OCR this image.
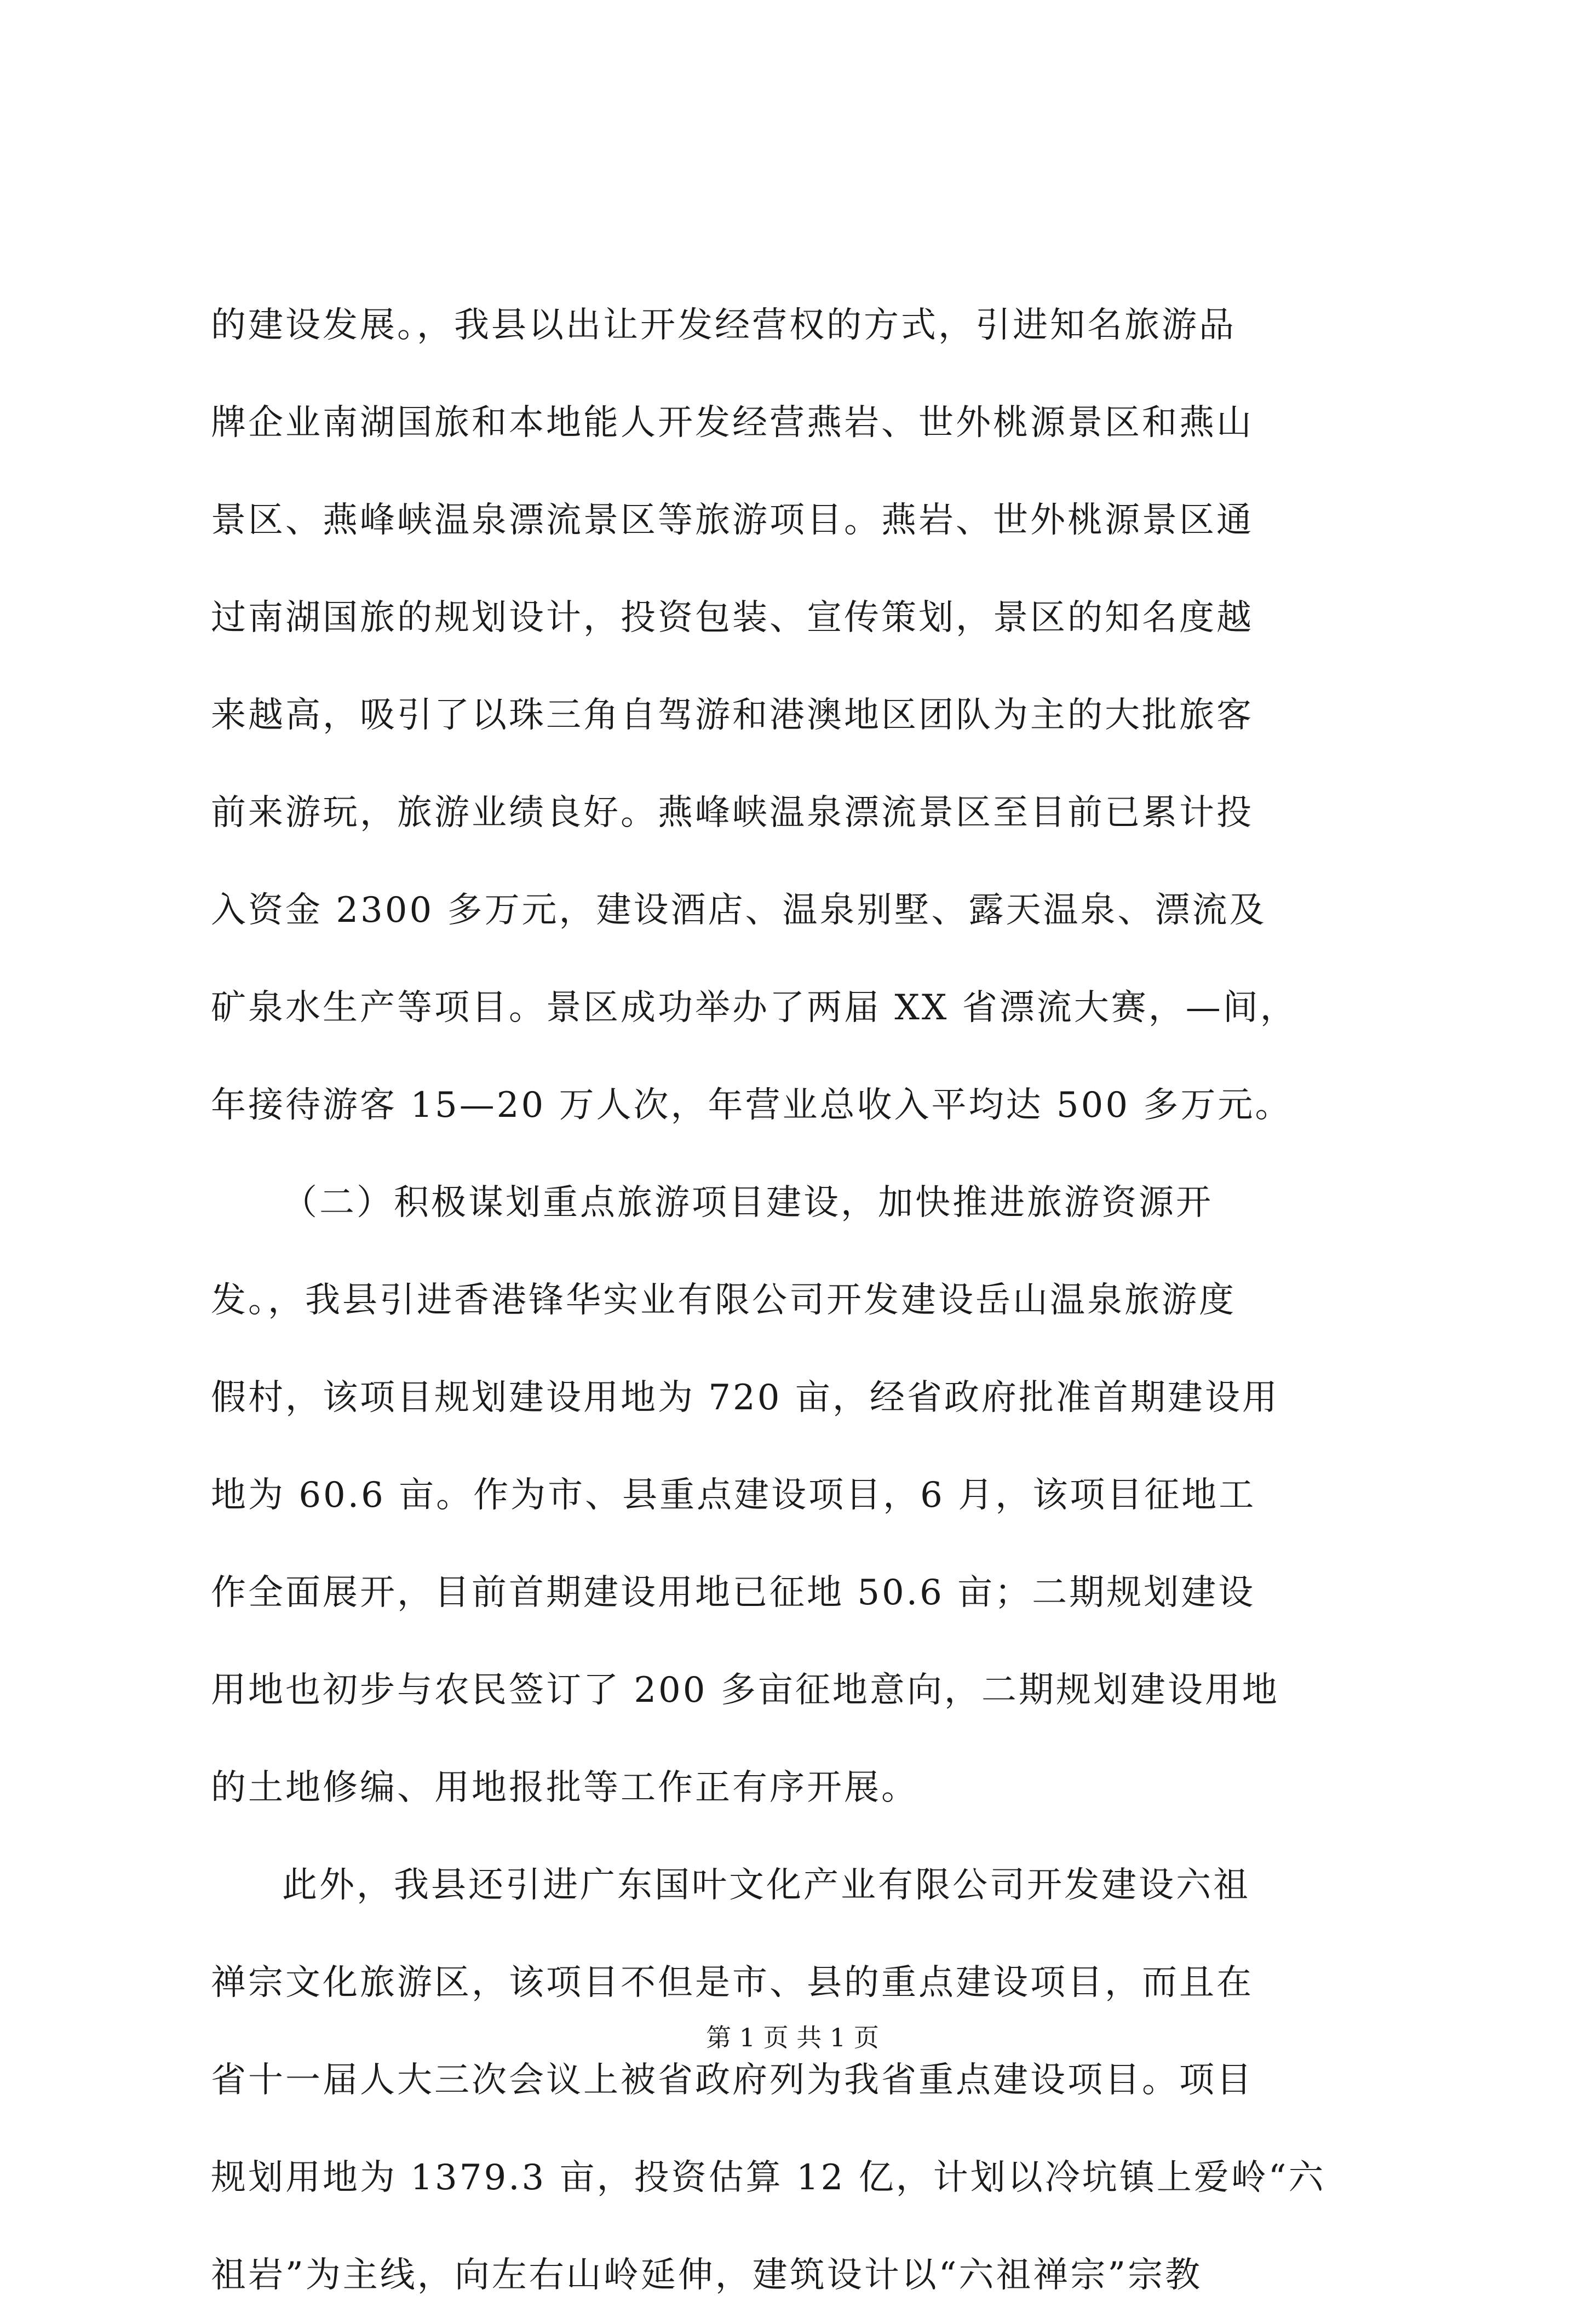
的建设发展。，我县以出让开发经营权的方式，引进知名旅游品
牌企业南湖国旅和本地能人开发经营燕岩、世外桃源景区和燕山
景区、燕峰峡温泉漂流景区等旅游项目。燕岩、世外桃源景区通
过南湖国旅的规划设计，投资包装、宣传策划，景区的知名度越
来越高，吸引了以珠三角自驾游和港澳地区团队为主的大批旅客
前来游玩，旅游业绩良好。燕峰峡温泉漂流景区至目前已累计投
入资金 2300 多万元，建设酒店、温泉别墅、露天温泉、漂流及
矿泉水生产等项目。景区成功举办了两届 XX 省漂流大赛，—间，
年接待游客 15—20 万人次，年营业总收入平均达 500 多万元。
（二）积极谋划重点旅游项目建设，加快推进旅游资源开
发。，我县引进香港锋华实业有限公司开发建设岳山温泉旅游度
假村，该项目规划建设用地为 720 亩，经省政府批准首期建设用
地为 60.6 亩。作为市、县重点建设项目，6 月，该项目征地工
作全面展开，目前首期建设用地已征地 50.6 亩；二期规划建设
用地也初步与农民签订了 200 多亩征地意向，二期规划建设用地
的土地修编、用地报批等工作正有序开展。
此外，我县还引进广东国叶文化产业有限公司开发建设六祖
禅宗文化旅游区，该项目不但是市、县的重点建设项目，而且在
省十一届人大三次会议上被省政府列为我省重点建设项目。项目
规划用地为 1379.3 亩，投资估算 12 亿，计划以冷坑镇上爱岭“六
祖岩”为主线，向左右山岭延伸，建筑设计以“六祖禅宗”宗教
第 1 页 共 1 页
